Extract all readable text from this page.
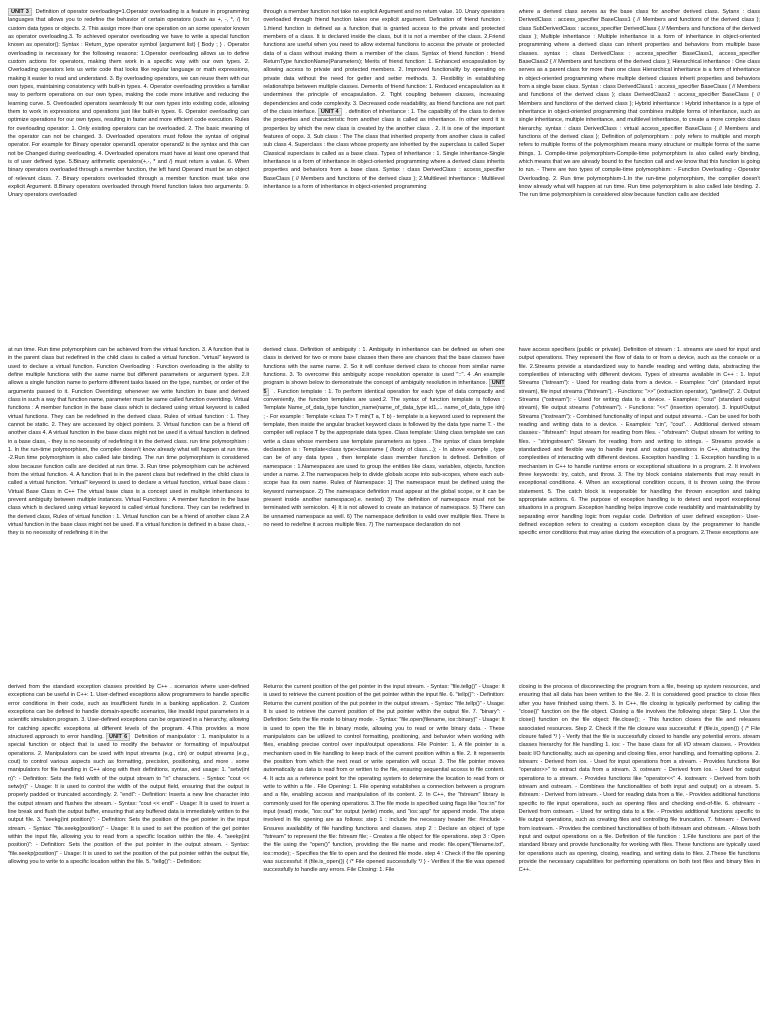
UNIT 3 Definition of operator overloading=1.Operator overloading is a feature in programming languages that allows you to redefine the behavior of certain operators (such as +, -, *, /) for custom data types or objects. 2. This assign more than one operation on an some operator known as operator overloading.3. To achieved operator overloading we have to write a special function known as operator(): Syntax : Return_type operator symbol (argument list) { Body ; } . Operator overloading is necessary for the following reasons: 1.Operator overloading allows us to define custom actions for operators, making them work in a specific way with our own types. 2. Overloading operators lets us write code that looks like regular language or math expressions, making it easier to read and understand. 3. By overloading operators, we can reuse them with our own types, maintaining consistency with built-in types. 4. Operator overloading provides a familiar way to perform operations on our own types, making the code more intuitive and reducing the learning curve. 5. Overloaded operators seamlessly fit our own types into existing code, allowing them to work in expressions and operations just like built-in types. 6. Operator overloading can optimize operations for our own types, resulting in faster and more efficient code execution. Rules for overloading operator: 1. Only existing operators can be overloaded. 2. The basic meaning of the operator can not be changed. 3. Overloaded operators must follow the syntax of original operator. For example for Binary operator operand1 operator operand2 is the syntax and this can not be Changed during overloading. 4. Overloaded operators must have at least one operand that is of user defined type. 5.Binary arithmetic operators(+,-, * and /) must return a value. 6. When binary operators overloaded through a member function, the left hand Operand must be an object of relevant class. 7. Binary operators overloaded through a member function must take one explicit Argument. 8.Binary operators overloaded through friend function takes two arguments. 9. Unary operators overloaded

through a member function not take no explicit Argument and no return value. 10. Unary operators overloaded through friend function takes one explicit argument. Defination of friend function : 1.friend function is defined as a function that is granted access to the private and protected members of a class. It is declared inside the class, but it is not a member of the class. 2.Friend functions are useful when you need to allow external functions to access the private or protected data of a class without making them a member of the class. Syntax of friend function : friend ReturnType functionName(Parameters); Merits of friend function: 1. Enhanced encapsulation by allowing access to private and protected members. 2. Improved functionality by operating on private data without the need for getter and setter methods. 3. Flexibility in establishing relationships between multiple classes. Demerits of friend function: 1. Reduced encapsulation as it undermines the principle of encapsulation. 2. Tight coupling between classes, increasing dependencies and code complexity. 3. Decreased code readability, as friend functions are not part of the class interface. UNIT 4 . definition of inheritance : 1. The capability of the class to derive the properties and characteristic from another class is called as inheritance. In other word it is properties by which the new class is created by the another class . 2. It is one of the important features of oops. 3. Sub class : The The class that inherited property from another class is called sub class 4. Superclass : the class whose property are inherited by the superclass is called Super Classical superclass is called as a base class. Types of inheritance : 1. Single inheritance-Single inheritance is a form of inheritance in object-oriented programming where a derived class inherits properties and behaviors from a base class. Syntax : class DerivedClass : access_specifier BaseClass { // Members and functions of the derived class }; 2.Multilevel inheritance : Multilevel inheritance is a form of inheritance in object-oriented programming

where a derived class serves as the base class for another derived class. Sytanx : class DerivedClass : access_specifier BaseClass1 { // Members and functions of the derived class }; class SubDerivedClass : access_specifier DerivedClass { // Members and functions of the derived class }; Multiple inheritance : Multiple inheritance is a form of inheritance in object-oriented programming where a derived class can inherit properties and behaviors from multiple base classes. syntax : class DerivedClass : access_specifier BaseClass1, access_specifier BaseClass2 { // Members and functions of the derived class }; Hierarchical inheritance : One class serves as a parent class for more than one class Hierarchical inheritance is a form of inheritance in object-oriented programming where multiple derived classes inherit properties and behaviors from a single base class. Syntax : class DerivedClass1 : access_specifier BaseClass { // Members and functions of the derived class }; class DerivedClass2 : access_specifier BaseClass { // Members and functions of the derived class }; Hybrid inheritance : Hybrid inheritance is a type of inheritance in object-oriented programming that combines multiple forms of inheritance, such as single inheritance, multiple inheritance, and multilevel inheritance, to create a more complex class hierarchy. syntax : class DerivedClass : virtual access_specifier BaseClass { // Members and functions of the derived class }; Definition of polymorphism : poly refers to multiple and morph refers to multiple forms of the polymorphism means many structure or multiple forms of the same things. 1. Compile-time polymorphism-Compile-time polymorphism is also called early binding, which means that we are already bound to the function call and we know that this function is going to run. - There are two types of compile-time polymorphism: - Function Overloading - Operator Overloading. 2. Run time polymorphism-1.In the run-time polymorphism, the compiler doesn't know already what will happen at run time. Run time polymorphism is also called late binding. 2. The run time polymorphism is considered slow because function calls are decided

at run time. Run time polymorphism can be achieved from the virtual function. 3. A function that is in the parent class but redefined in the child class is called a virtual function. "virtual" keyword is used to declare a virtual function. Function Overloading : Function overloading is the ability to define multiple functions with the same name but different parameters or argument types. 2.It allows a single function name to perform different tasks based on the type, number, or order of the arguments passed to it. Function Overriding: whenever we write function in base and derived class in such a way that function name, parameter must be same called function overriding. Virtual functions : A member function in the base class which is declared using virtual keyword is called virtual functions. They can be redefined in the derived class. Rules of virtual function : 1. They cannot be static. 2. They are accessed by object pointers. 3. Virtual function can be a friend off another class 4. A virtual function in the base class might not be used if a virtual function is defined in a base class, - they is no necessity of redefining it in the derived class. run time polymorphism : 1. In the run-time polymorphism, the compiler doesn't know already what will happen at run time. -2.Run time polymorphism is also called late binding. The run time polymorphism is considered slow because function calls are decided at run time. 3. Run time polymorphism can be achieved from the virtual function. 4. A function that is in the parent class but redefined in the child class is called a virtual function. "virtual" keyword is used to declare a virtual function, virtual base class : Virtual Base Class in C++ The virtual base class is a concept used in multiple inheritances to prevent ambiguity between multiple instances. Virtual Functions : A member function in the base class which is declared using virtual keyword is called virtual functions. They can be redefined in the derived class, Rules of virtual function : 1. Virtual function can be a friend of another class 2.A virtual function in the base class might not be used. If a virtual function is defined in a base class, - they is no necessity of redefining it in the

derived class. Definition of ambiguity : 1. Ambiguity in inheritance can be defined as when one class is derived for two or more base classes then there are chances that the base classes have functions with the same name. 2. So it will confuse derived class to choose from similar name functions. 3. To overcome this ambiguity scope resolution operator is used "::". 4 .An example program is shown below to demonstrate the concept of ambiguity resolution in inheritance. UNIT 5 . Function template : 1. To perform identical operation for each type of data compactly and conveniently, the function templates are used.2. The syntax of function template is follows : Template Name_of_data_type function_name(name_of_data_type id1,... name_of_data_type idn) ; - For example : Template <class T> T min(T a, T b) - template is a keyword used to represent the template, then inside the angular bracket keyword class is followed by the data type name T. - the compiler will replace T by the appropriate data types. Class template: Using class template we can write a class whose members use template parameters as types . The syntax of class template declaration is : Template<class type>classname { //body of class....}; - In above example , type can be of any data types , then template class member function is defined. Definition of namespace : 1.Namespaces are used to group the entities like class, variables, objects, function under a name. 2.The namespaces help to divide globals scope into sub-scopes, where each sub-scope has its own name. Rules of Namespace: 1] The namespace must be defined using the keyword namespace. 2) The namespace definition must appear at the global scope, or it can be present inside another namespace(i.e. nested) 3) The definition of namespace must not be terminated with semicolon. 4) It is not allowed to create an instance of namespace. 5) There can be unnamed namespace as well. 6) The namespace definition is valid over multiple files. There is no need to redefine it across multiple files. 7) The namespace declaration do not

have access specifiers (public or private). Definition of stream : 1. streams are used for input and output operations. They represent the flow of data to or from a device, such as the console or a file. 2.Streams provide a standardized way to handle reading and writing data, abstracting the complexities of interacting with different devices. Types of streams available in C++ : 1. Input Streams ("istream"): - Used for reading data from a device. - Examples: "cin" (standard input stream), file input streams ("ifstream"). - Functions: ">>" (extraction operator), "getline()". 2. Output Streams ("ostream"): - Used for writing data to a device. - Examples: "cout" (standard output stream), file output streams ("ofstream"). - Functions: "<<" (insertion operator). 3. Input/Output Streams ("iostream"): - Combined functionality of input and output streams. - Can be used for both reading and writing data to a device. - Examples: "cin", "cout". . Additional derived stream classes:- "ifstream": Input stream for reading from files. - "ofstream": Output stream for writing to files. - "stringstream": Stream for reading from and writing to strings. - Streams provide a standardized and flexible way to handle input and output operations in C++, abstracting the complexities of interacting with different devices. Exception handling : 1. Exception handling is a mechanism in C++ to handle runtime errors or exceptional situations in a program. 2. It involves three keywords: try, catch, and throw. 3. The try block contains statements that may result in exceptional conditions. 4. When an exceptional condition occurs, it is thrown using the throw statement. 5. The catch block is responsible for handling the thrown exception and taking appropriate actions. 6. The purpose of exception handling is to detect and report exceptional situations in a program .Exception handling helps improve code readability and maintainability by separating error handling logic from regular code. Definition of user defined exception:- User-defined exception refers to creating a custom exception class by the programmer to handle specific error conditions that may arise during the execution of a program. 2.These exceptions are

derived from the standard exception classes provided by C++ . scenarios where user-defined exceptions can be useful in C++: 1. User-defined exceptions allow programmers to handle specific error conditions in their code, such as insufficient funds in a banking application. 2. Custom exceptions can be defined to handle domain-specific scenarios, like invalid input parameters in a scientific simulation program. 3. User-defined exceptions can be organized in a hierarchy, allowing for catching specific exceptions at different levels of the program. 4.This provides a more structured approach to error handling. UNIT 6 Definition of manipulator : 1. manipulator is a special function or object that is used to modify the behavior or formatting of input/output operations. 2. Manipulators can be used with input streams (e.g., cin) or output streams (e.g., cout) to control various aspects such as formatting, precision, positioning, and more . some manipulators for file handling in C++ along with their definitions, syntax, and usage: 1. "setw(int n)": - Definition: Sets the field width of the output stream to "n" characters. - Syntax: "cout << setw(n)" - Usage: It is used to control the width of the output field, ensuring that the output is properly padded or truncated accordingly. 2. "endl": - Definition: Inserts a new line character into the output stream and flushes the stream. - Syntax: "cout << endl" - Usage: It is used to insert a line break and flush the output buffer, ensuring that any buffered data is immediately written to the output file. 3. "seekg(int position)": - Definition: Sets the position of the get pointer in the input stream. - Syntax: "file.seekg(position)" - Usage: It is used to set the position of the get pointer within the input file, allowing you to read from a specific location within the file. 4. "seekp(int position)": - Definition: Sets the position of the put pointer in the output stream. - Syntax: "file.seekp(position)" - Usage: It is used to set the position of the put pointer within the output file, allowing you to write to a specific location within the file. 5. "tellg()": - Definition:

Returns the current position of the get pointer in the input stream. - Syntax: "file.tellg()" - Usage: It is used to retrieve the current position of the get pointer within the input file. 6. "tellp()": - Definition: Returns the current position of the put pointer in the output stream. - Syntax: "file.tellp()" - Usage: It is used to retrieve the current position of the put pointer within the output file. 7. "binary": - Definition: Sets the file mode to binary mode. - Syntax: "file.open(filename, ios::binary)" - Usage: It is used to open the file in binary mode, allowing you to read or write binary data. - These manipulators can be utilized to control formatting, positioning, and behavior when working with files, enabling precise control over input/output operations. File Pointer: 1. A file pointer is a mechanism used in file handling to keep track of the current position within a file. 2. It represents the position from which the next read or write operation will occur. 3. The file pointer moves automatically as data is read from or written to the file, ensuring sequential access to file content. 4. It acts as a reference point for the operating system to determine the location to read from or write to within a file . File Opening: 1. File opening establishes a connection between a program and a file, enabling access and manipulation of its content. 2. In C++, the "fstream" library is commonly used for file opening operations. 3.The file mode is specified using flags like "ios::in" for input (read) mode, "ios::out" for output (write) mode, and "ios::app" for append mode. The steps involved in file opening are as follows: step 1 : include the necessary header file: #include - Ensures availability of file handling functions and classes. step 2 : Declare an object of type "fstream" to represent the file: fstream file; - Creates a file object for file operations. step 3 : Open the file using the "open()" function, providing the file name and mode: file.open("filename.txt", ios::mode); - Specifies the file to open and the desired file mode. step 4 : Check if the file opening was successful: if (file.is_open()) { /* File opened successfully */ } - Verifies if the file was opened successfully to handle any errors. File Closing: 1. File

closing is the process of disconnecting the program from a file, freeing up system resources, and ensuring that all data has been written to the file. 2. It is considered good practice to close files after you have finished using them. 3. In C++, file closing is typically performed by calling the "close()" function on the file object. Closing a file involves the following steps: Step 1. Use the close() function on the file object: file.close(); - This function closes the file and releases associated resources. Step 2. Check if the file closure was successful: if (file.is_open()) { /* File closure failed */ } - Verify that the file is successfully closed to handle any potential errors. stream classes hierarchy for file handling 1. ios: - The base class for all I/O stream classes. - Provides basic I/O functionality, such as opening and closing files, error handling, and formatting options. 2. istream: - Derived from ios. - Used for input operations from a stream. - Provides functions like "operator>>" to extract data from a stream. 3. ostream: - Derived from ios. - Used for output operations to a stream. - Provides functions like "operator<<" 4. iostream: - Derived from both istream and ostream. - Combines the functionalities of both input and output) on a stream. 5. ifstream: - Derived from istream. - Used for reading data from a file. - Provides additional functions specific to file input operations, such as opening files and checking end-of-file. 6. ofstream: - Derived from ostream. - Used for writing data to a file. - Provides additional functions specific to file output operations, such as creating files and controlling file truncation. 7. fstream: - Derived from iostream. - Provides the combined functionalities of both ifstream and ofstream. - Allows both input and output operations on a file. Definition of file function : 1.File functions are part of the standard library and provide functionality for working with files. These functions are typically used for operations such as opening, closing, reading, and writing data to files. 2.These file functions provide the necessary capabilities for performing operations on both text files and binary files in C++.
